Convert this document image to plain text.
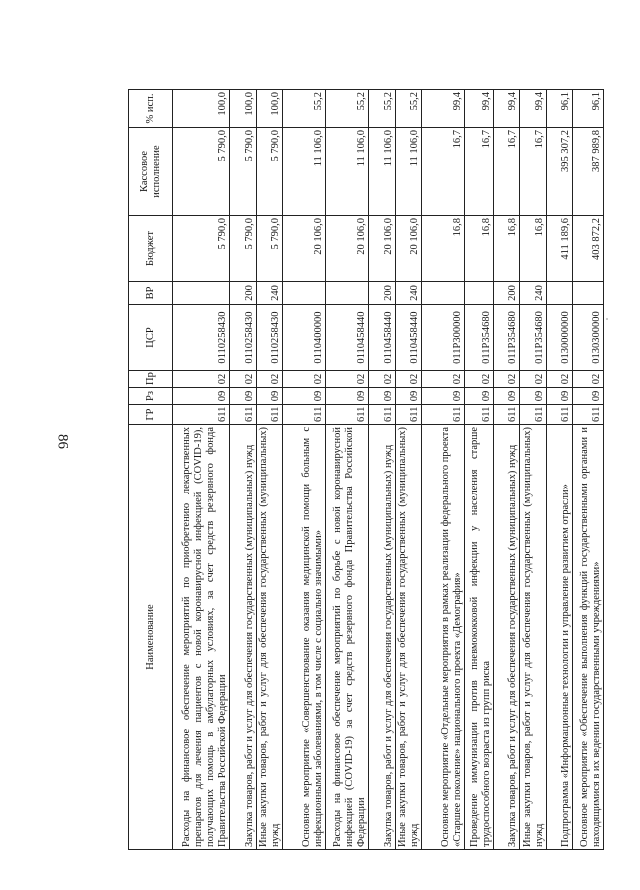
86
Наименование	ГР	Рз	Пр	ЦСР	ВР	Бюджет	Кассовое исполнение	% исп.
Расходы на финансовое обеспечение мероприятий по приобретению лекарственных препаратов для лечения пациентов с новой коронавирусной инфекцией (COVID-19), получающих помощь в амбулаторных условиях, за счет средств резервного фонда Правительства Российской Федерации	611	09	02	0110258430		5 790,0	5 790,0	100,0
Закупка товаров, работ и услуг для обеспечения государственных (муниципальных) нужд	611	09	02	0110258430	200	5 790,0	5 790,0	100,0
Иные закупки товаров, работ и услуг для обеспечения государственных (муниципальных) нужд	611	09	02	0110258430	240	5 790,0	5 790,0	100,0
Основное мероприятие «Совершенствование оказания медицинской помощи больным с инфекционными заболеваниями, в том числе с социально значимыми»	611	09	02	0110400000		20 106,0	11 106,0	55,2
Расходы на финансовое обеспечение мероприятий по борьбе с новой коронавирусной инфекцией (COVID-19) за счет средств резервного фонда Правительства Российской Федерации	611	09	02	0110458440		20 106,0	11 106,0	55,2
Закупка товаров, работ и услуг для обеспечения государственных (муниципальных) нужд	611	09	02	0110458440	200	20 106,0	11 106,0	55,2
Иные закупки товаров, работ и услуг для обеспечения государственных (муниципальных) нужд	611	09	02	0110458440	240	20 106,0	11 106,0	55,2
Основное мероприятие «Отдельные мероприятия в рамках реализации федерального проекта «Старшее поколение» национального проекта «Демография»	611	09	02	011P300000		16,8	16,7	99,4
Проведение иммунизации против пневмококковой инфекции у населения старше трудоспособного возраста из групп риска	611	09	02	011P354680		16,8	16,7	99,4
Закупка товаров, работ и услуг для обеспечения государственных (муниципальных) нужд	611	09	02	011P354680	200	16,8	16,7	99,4
Иные закупки товаров, работ и услуг для обеспечения государственных (муниципальных) нужд	611	09	02	011P354680	240	16,8	16,7	99,4
Подпрограмма «Информационные технологии и управление развитием отрасли»	611	09	02	0130000000		411 189,6	395 307,2	96,1
Основное мероприятие «Обеспечение выполнения функций государственными органами и находящимися в их ведении государственными учреждениями»	611	09	02	0130300000		403 872,2	387 989,8	96,1
